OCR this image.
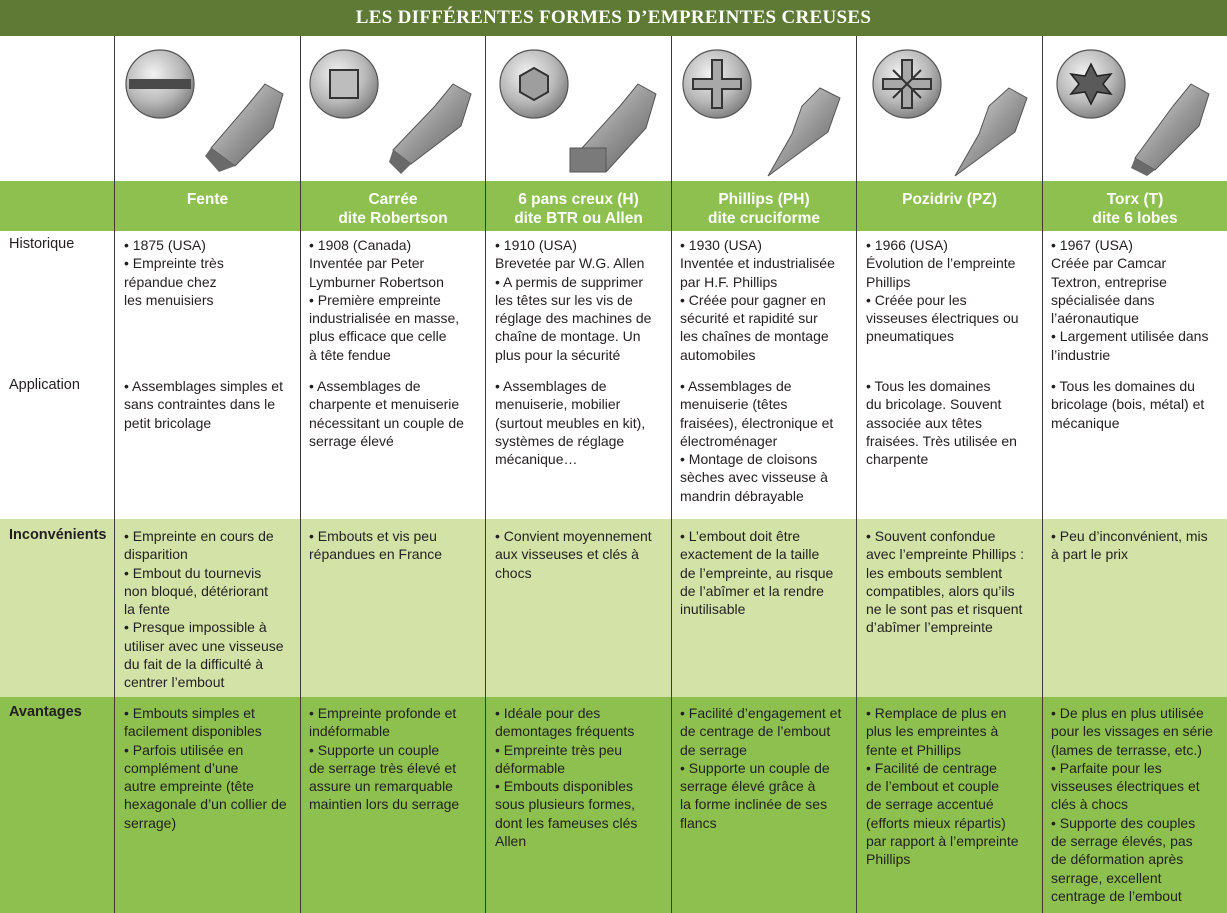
LES DIFFÉRENTES FORMES D’EMPREINTES CREUSES
Fente	Carrée
dite Robertson
6 pans creux (H)
dite BTR ou Allen
Phillips (PH)
dite cruciforme
Pozidriv (PZ)	Torx (T)
dite 6 lobes
Historique
Application
Inconvénients
Avantages

• 1875 (USA)
• Empreinte très
répandue chez
les menuisiers

• 1908 (Canada)
Inventée par Peter
Lymburner Robertson
• Première empreinte
industrialisée en masse,
plus efficace que celle
à tête fendue

• 1910 (USA)
Brevetée par W.G. Allen
• A permis de supprimer
les têtes sur les vis de
réglage des machines de
chaîne de montage. Un
plus pour la sécurité

• 1930 (USA)
Inventée et industrialisée
par H.F. Phillips
• Créée pour gagner en
sécurité et rapidité sur
les chaînes de montage
automobiles

• 1966 (USA)
Évolution de l’empreinte
Phillips
• Créée pour les
visseuses électriques ou
pneumatiques

• 1967 (USA)
Créée par Camcar
Textron, entreprise
spécialisée dans
l’aéronautique
• Largement utilisée dans
l’industrie

• Assemblages simples et
sans contraintes dans le
petit bricolage

• Assemblages de
charpente et menuiserie
nécessitant un couple de
serrage élevé

• Assemblages de
menuiserie, mobilier
(surtout meubles en kit),
systèmes de réglage
mécanique…

• Assemblages de
menuiserie (têtes
fraisées), électronique et
électroménager
• Montage de cloisons
sèches avec visseuse à
mandrin débrayable

• Tous les domaines
du bricolage. Souvent
associée aux têtes
fraisées. Très utilisée en
charpente

• Tous les domaines du
bricolage (bois, métal) et
mécanique

• Empreinte en cours de
disparition
• Embout du tournevis
non bloqué, détériorant
la fente
• Presque impossible à
utiliser avec une visseuse
du fait de la difficulté à
centrer l’embout

• Embouts et vis peu
répandues en France

• Convient moyennement
aux visseuses et clés à
chocs

• L’embout doit être
exactement de la taille
de l’empreinte, au risque
de l’abîmer et la rendre
inutilisable

• Souvent confondue
avec l’empreinte Phillips :
les embouts semblent
compatibles, alors qu’ils
ne le sont pas et risquent
d’abîmer l’empreinte

• Peu d’inconvénient, mis
à part le prix

• Embouts simples et
facilement disponibles
• Parfois utilisée en
complément d’une
autre empreinte (tête
hexagonale d’un collier de
serrage)

• Empreinte profonde et
indéformable
• Supporte un couple
de serrage très élevé et
assure un remarquable
maintien lors du serrage

• Idéale pour des
demontages fréquents
• Empreinte très peu
déformable
• Embouts disponibles
sous plusieurs formes,
dont les fameuses clés
Allen

• Facilité d’engagement et
de centrage de l’embout
de serrage
• Supporte un couple de
serrage élevé grâce à
la forme inclinée de ses
flancs

• Remplace de plus en
plus les empreintes à
fente et Phillips
• Facilité de centrage
de l’embout et couple
de serrage accentué
(efforts mieux répartis)
par rapport à l’empreinte
Phillips

• De plus en plus utilisée
pour les vissages en série
(lames de terrasse, etc.)
• Parfaite pour les
visseuses électriques et
clés à chocs
• Supporte des couples
de serrage élevés, pas
de déformation après
serrage, excellent
centrage de l’embout
